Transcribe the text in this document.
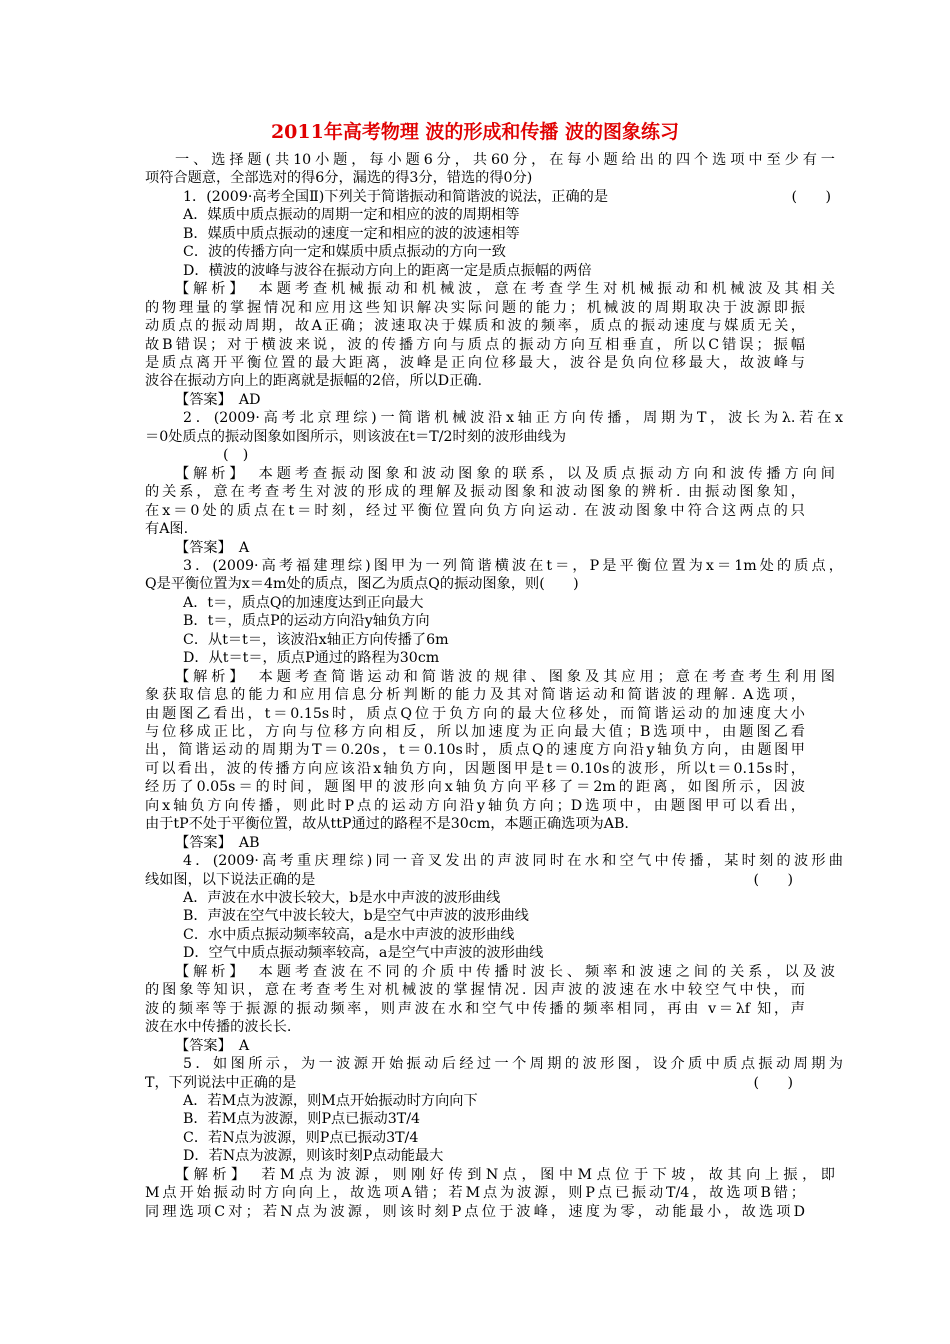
2011年高考物理 波的形成和传播 波的图象练习
一、选择题(共10小题，每小题6分，共60分，在每小题给出的四个选项中至少有一
项符合题意，全部选对的得6分，漏选的得3分，错选的得0分)
(　　)
1．(2009·高考全国Ⅱ)下列关于简谐振动和简谐波的说法，正确的是
A．媒质中质点振动的周期一定和相应的波的周期相等
B．媒质中质点振动的速度一定和相应的波的波速相等
C．波的传播方向一定和媒质中质点振动的方向一致
D．横波的波峰与波谷在振动方向上的距离一定是质点振幅的两倍
【解析】　本题考查机械振动和机械波，意在考查学生对机械振动和机械波及其相关
的物理量的掌握情况和应用这些知识解决实际问题的能力；机械波的周期取决于波源即振
动质点的振动周期，故A正确；波速取决于媒质和波的频率，质点的振动速度与媒质无关，
故B错误；对于横波来说，波的传播方向与质点的振动方向互相垂直，所以C错误；振幅
是质点离开平衡位置的最大距离，波峰是正向位移最大，波谷是负向位移最大，故波峰与
波谷在振动方向上的距离就是振幅的2倍，所以D正确.
【答案】　AD
2．(2009·高考北京理综)一简谐机械波沿x轴正方向传播，周期为T，波长为λ.若在x
＝0处质点的振动图象如图所示，则该波在t＝T/2时刻的波形曲线为
(　)
【解析】　本题考查振动图象和波动图象的联系，以及质点振动方向和波传播方向间
的关系，意在考查考生对波的形成的理解及振动图象和波动图象的辨析. 由振动图象知，
在x＝0处的质点在t＝时刻，经过平衡位置向负方向运动. 在波动图象中符合这两点的只
有A图.
【答案】　A
3．(2009·高考福建理综)图甲为一列简谐横波在t＝，P是平衡位置为x＝1m处的质点，
Q是平衡位置为x＝4m处的质点，图乙为质点Q的振动图象，则(　　)
A．t＝，质点Q的加速度达到正向最大
B．t＝，质点P的运动方向沿y轴负方向
C．从t＝t＝，该波沿x轴正方向传播了6m
D．从t＝t＝，质点P通过的路程为30cm
【解析】　本题考查简谐运动和简谐波的规律、图象及其应用；意在考查考生利用图
象获取信息的能力和应用信息分析判断的能力及其对简谐运动和简谐波的理解. A选项，
由题图乙看出，t＝0.15s时，质点Q位于负方向的最大位移处，而简谐运动的加速度大小
与位移成正比，方向与位移方向相反，所以加速度为正向最大值；B选项中，由题图乙看
出，简谐运动的周期为T＝0.20s，t＝0.10s时，质点Q的速度方向沿y轴负方向，由题图甲
可以看出，波的传播方向应该沿x轴负方向，因题图甲是t＝0.10s的波形，所以t＝0.15s时，
经历了0.05s＝的时间，题图甲的波形向x轴负方向平移了＝2m的距离，如图所示，因波
向x轴负方向传播，则此时P点的运动方向沿y轴负方向；D选项中，由题图甲可以看出，
由于tP不处于平衡位置，故从ttP通过的路程不是30cm，本题正确选项为AB.
【答案】　AB
4．(2009·高考重庆理综)同一音叉发出的声波同时在水和空气中传播，某时刻的波形曲
(　　)
线如图，以下说法正确的是
A．声波在水中波长较大，b是水中声波的波形曲线
B．声波在空气中波长较大，b是空气中声波的波形曲线
C．水中质点振动频率较高，a是水中声波的波形曲线
D．空气中质点振动频率较高，a是空气中声波的波形曲线
【解析】　本题考查波在不同的介质中传播时波长、频率和波速之间的关系，以及波
的图象等知识，意在考查考生对机械波的掌握情况. 因声波的波速在水中较空气中快，而
波的频率等于振源的振动频率，则声波在水和空气中传播的频率相同，再由 v＝λf 知，声
波在水中传播的波长长.
【答案】　A
5．如图所示，为一波源开始振动后经过一个周期的波形图，设介质中质点振动周期为
(　　)
T，下列说法中正确的是
A．若M点为波源，则M点开始振动时方向向下
B．若M点为波源，则P点已振动3T/4
C．若N点为波源，则P点已振动3T/4
D．若N点为波源，则该时刻P点动能最大
【解析】　若M点为波源，则刚好传到N点，图中M点位于下坡，故其向上振，即
M点开始振动时方向向上，故选项A错；若M点为波源，则P点已振动T/4，故选项B错；
同理选项C对；若N点为波源，则该时刻P点位于波峰，速度为零，动能最小，故选项D
